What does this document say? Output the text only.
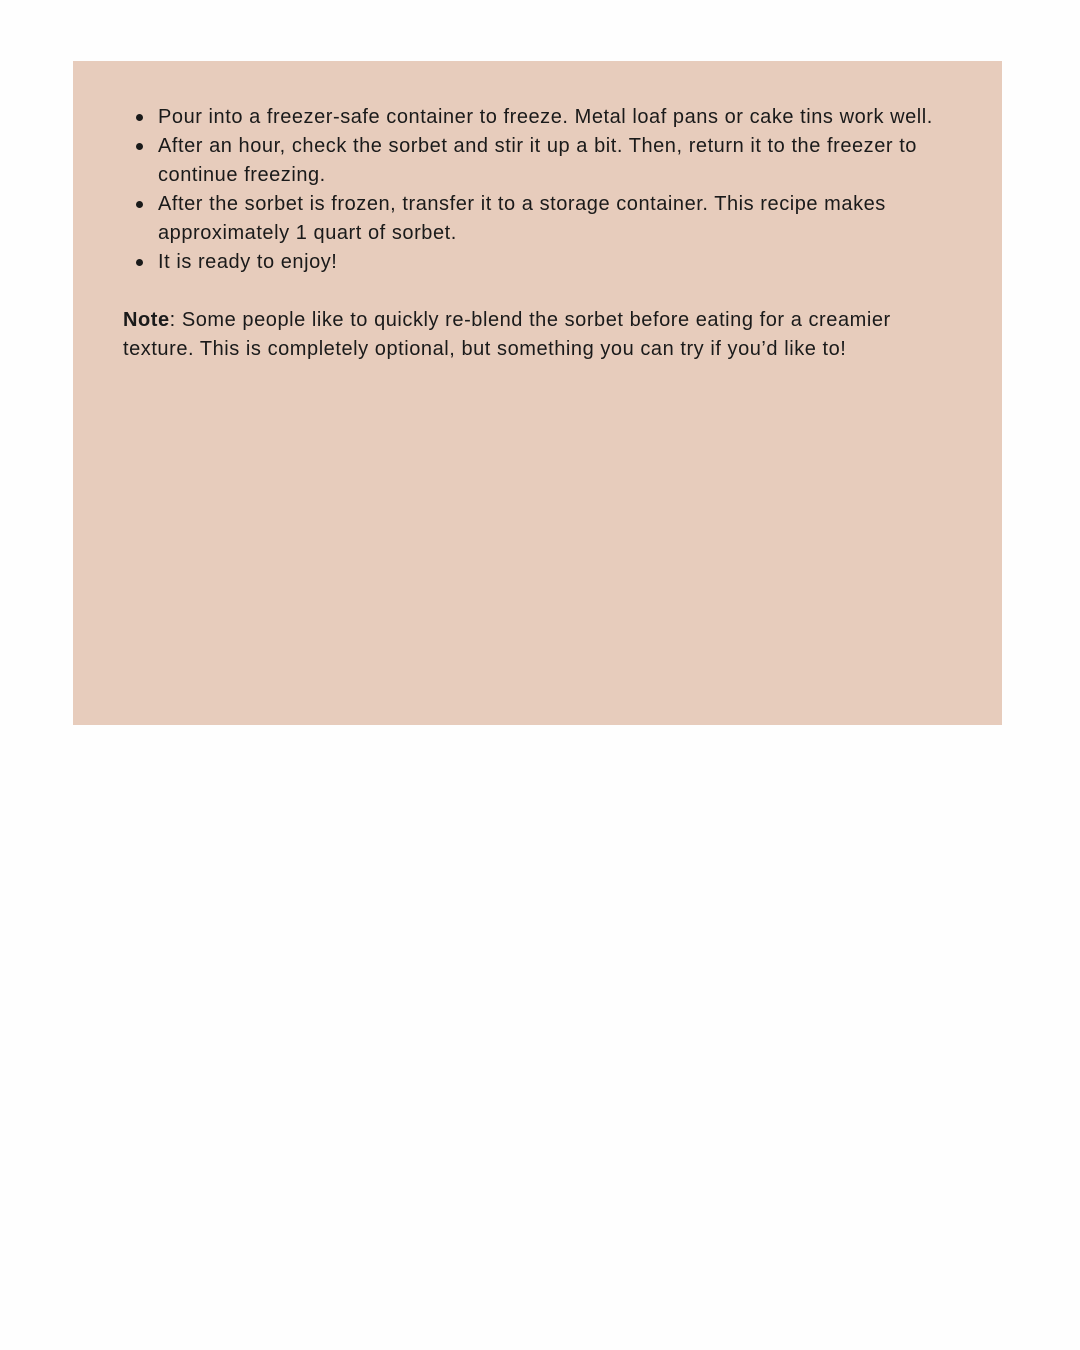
Pour into a freezer-safe container to freeze. Metal loaf pans or cake tins work well.
After an hour, check the sorbet and stir it up a bit. Then, return it to the freezer to continue freezing.
After the sorbet is frozen, transfer it to a storage container. This recipe makes approximately 1 quart of sorbet.
It is ready to enjoy!

Note: Some people like to quickly re-blend the sorbet before eating for a creamier texture. This is completely optional, but something you can try if you’d like to!
